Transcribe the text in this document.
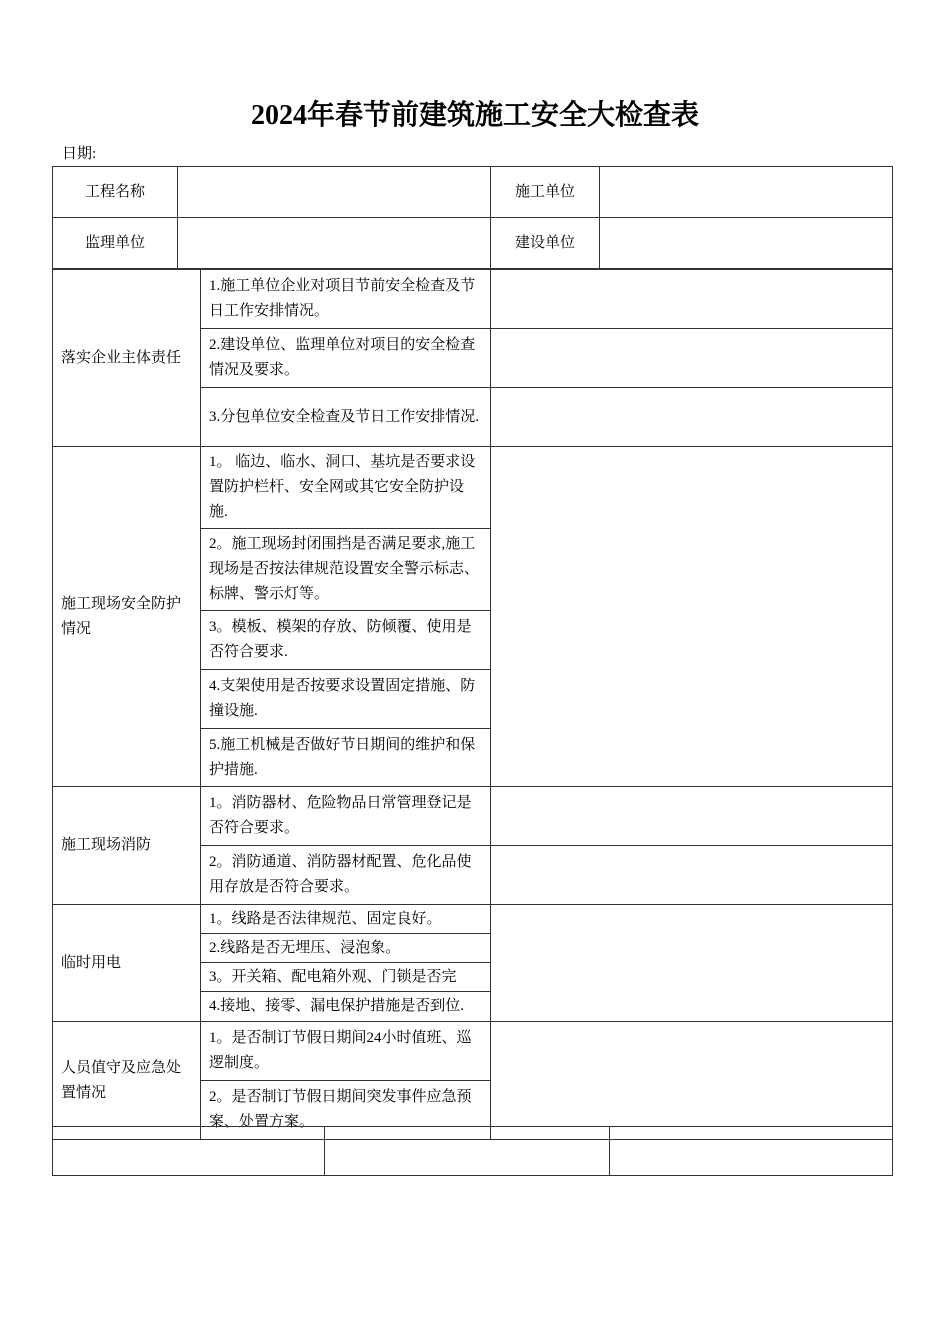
2024年春节前建筑施工安全大检查表
日期:
工程名称		施工单位	
监理单位		建设单位	
落实企业主体责任	1.施工单位企业对项目节前安全检查及节日工作安排情况。	
	2.建设单位、监理单位对项目的安全检查情况及要求。	
	3.分包单位安全检查及节日工作安排情况.	
施工现场安全防护情况	1。 临边、临水、洞口、基坑是否要求设置防护栏杆、安全网或其它安全防护设施.	
	2。施工现场封闭围挡是否满足要求,施工现场是否按法律规范设置安全警示标志、标牌、警示灯等。	
	3。模板、模架的存放、防倾覆、使用是否符合要求.	
	4.支架使用是否按要求设置固定措施、防撞设施.	
	5.施工机械是否做好节日期间的维护和保护措施.	
施工现场消防	1。消防器材、危险物品日常管理登记是否符合要求。	
	2。消防通道、消防器材配置、危化品使用存放是否符合要求。	
临时用电	1。线路是否法律规范、固定良好。	
	2.线路是否无埋压、浸泡象。	
	3。开关箱、配电箱外观、门锁是否完	
	4.接地、接零、漏电保护措施是否到位.	
人员值守及应急处置情况	1。是否制订节假日期间24小时值班、巡逻制度。	
	2。是否制订节假日期间突发事件应急预案、处置方案。	
